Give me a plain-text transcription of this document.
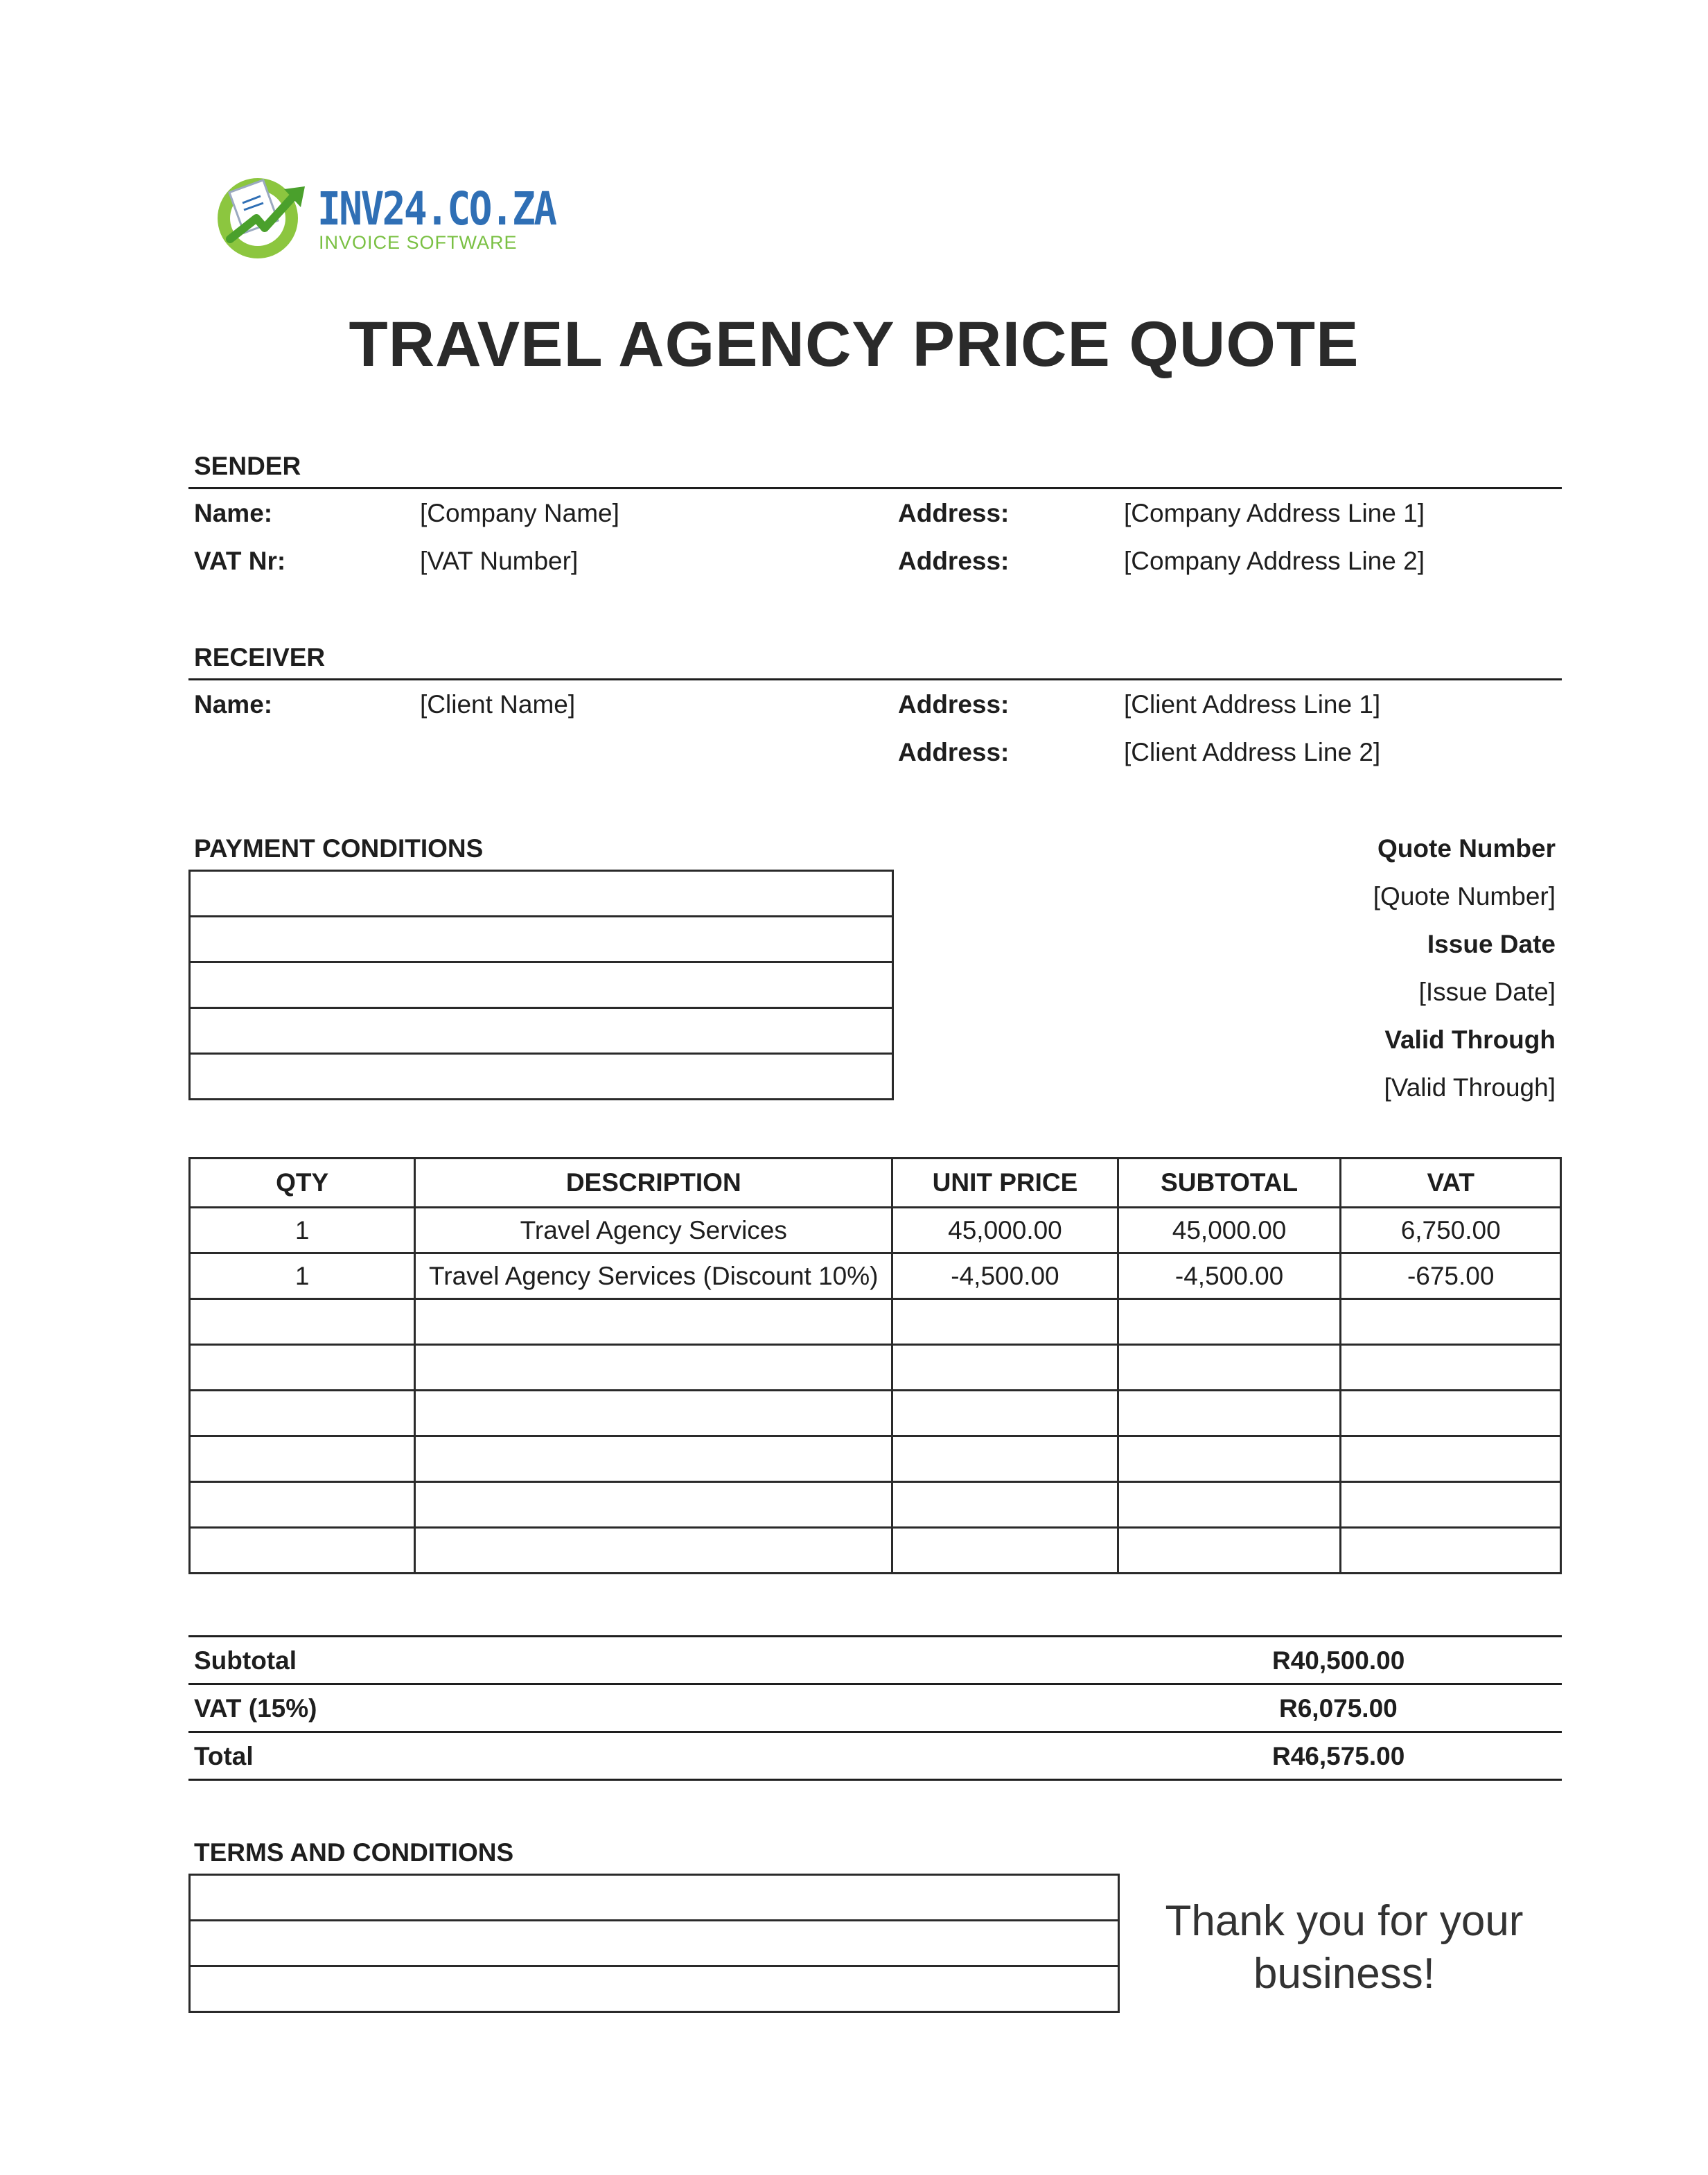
INV24.CO.ZA
INVOICE SOFTWARE
TRAVEL AGENCY PRICE QUOTE
SENDER
Name:	[Company Name]	Address:	[Company Address Line 1]
VAT Nr:	[VAT Number]	Address:	[Company Address Line 2]
RECEIVER
Name:	[Client Name]	Address:	[Client Address Line 1]
Address:	[Client Address Line 2]
PAYMENT CONDITIONS	Quote Number
[Quote Number]
Issue Date
[Issue Date]
Valid Through
[Valid Through]
QTY	DESCRIPTION	UNIT PRICE	SUBTOTAL	VAT
1	Travel Agency Services	45,000.00	45,000.00	6,750.00
1	Travel Agency Services (Discount 10%)	-4,500.00	-4,500.00	-675.00

Subtotal	R40,500.00
VAT (15%)	R6,075.00
Total	R46,575.00
TERMS AND CONDITIONS

Thank you for your business!
